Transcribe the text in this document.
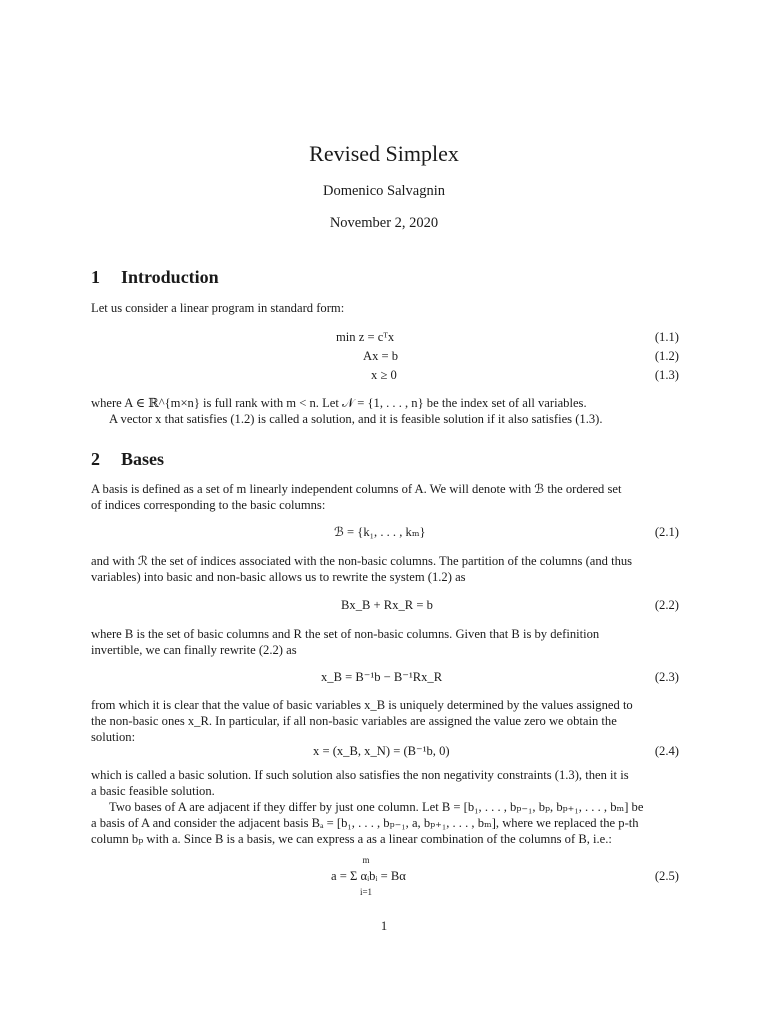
Revised Simplex
Domenico Salvagnin
November 2, 2020
1 Introduction
Let us consider a linear program in standard form:
min z = cᵀx	(1.1)
Ax = b	(1.2)
x ≥ 0	(1.3)
where A ∈ ℝ^{m×n} is full rank with m < n. Let 𝒩 = {1, . . . , n} be the index set of all variables.
A vector x that satisfies (1.2) is called a solution, and it is feasible solution if it also satisfies (1.3).
2 Bases
A basis is defined as a set of m linearly independent columns of A. We will denote with ℬ the ordered set
of indices corresponding to the basic columns:
ℬ = {k₁, . . . , kₘ}	(2.1)
and with ℛ the set of indices associated with the non-basic columns. The partition of the columns (and thus
variables) into basic and non-basic allows us to rewrite the system (1.2) as
Bx_B + Rx_R = b	(2.2)
where B is the set of basic columns and R the set of non-basic columns. Given that B is by definition
invertible, we can finally rewrite (2.2) as
x_B = B⁻¹b − B⁻¹Rx_R	(2.3)
from which it is clear that the value of basic variables x_B is uniquely determined by the values assigned to
the non-basic ones x_R. In particular, if all non-basic variables are assigned the value zero we obtain the
solution:
x = (x_B, x_N) = (B⁻¹b, 0)	(2.4)
which is called a basic solution. If such solution also satisfies the non negativity constraints (1.3), then it is
a basic feasible solution.
Two bases of A are adjacent if they differ by just one column. Let B = [b₁, . . . , bₚ₋₁, bₚ, bₚ₊₁, . . . , bₘ] be
a basis of A and consider the adjacent basis Bₐ = [b₁, . . . , bₚ₋₁, a, bₚ₊₁, . . . , bₘ], where we replaced the p-th
column bₚ with a. Since B is a basis, we can express a as a linear combination of the columns of B, i.e.:
m
a = Σ αᵢbᵢ = Bα	(2.5)
i=1
1
